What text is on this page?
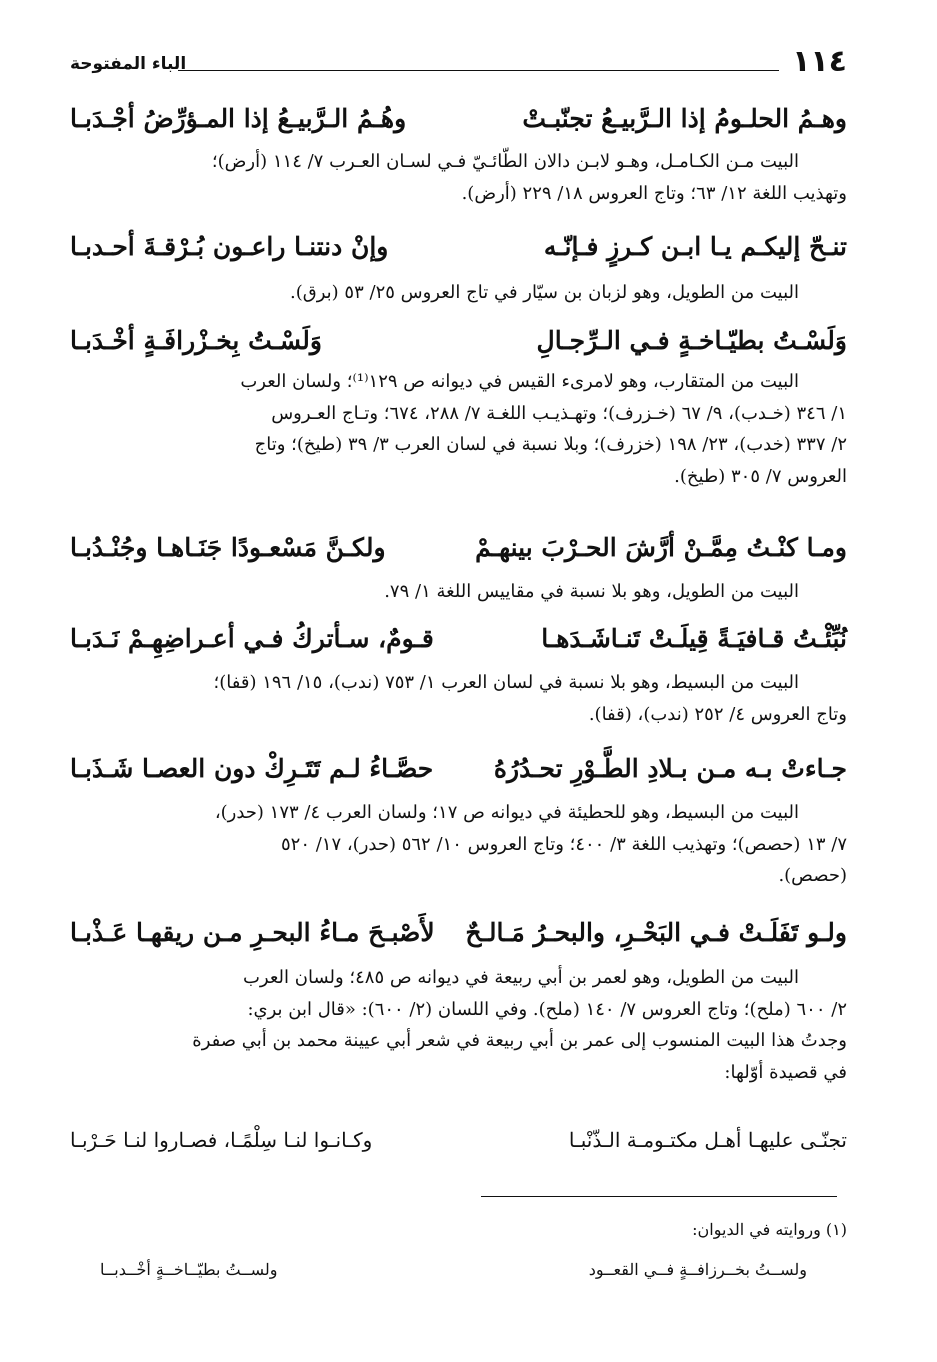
١١٤
الباء المفتوحة
وهـمُ الحلـومُ إذا الـرَّبيـعُ تجنّبـتْ
وهُـمُ الـرَّبيـعُ إذا المـؤرِّضُ أجْـدَبـا
البيت مـن الكـامـل، وهـو لابـن دالان الطّائـيّ فـي لسـان العـرب ٧/ ١١٤ (أرض)؛
وتهذيب اللغة ١٢/ ٦٣؛ وتاج العروس ١٨/ ٢٢٩ (أرض).
تنـحّ إليكـم يـا ابـن كـرزٍ فـإنّـه
وإنْ دنتنـا راعـون بُـرْقـةَ أحـدبـا
البيت من الطويل، وهو لزبان بن سيّار في تاج العروس ٢٥/ ٥٣ (برق).
وَلَسْـتُ بطيّـاخـةٍ فـي الـرِّجـالِ
وَلَسْـتُ بِخـزْرافَـةٍ أخْـدَبـا
البيت من المتقارب، وهو لامرىء القيس في ديوانه ص ١٢٩⁽¹⁾؛ ولسان العرب
١/ ٣٤٦ (خـدب)، ٩/ ٦٧ (خـزرف)؛ وتهـذيـب اللغـة ٧/ ٢٨٨، ٦٧٤؛ وتـاج العـروس
٢/ ٣٣٧ (خدب)، ٢٣/ ١٩٨ (خزرف)؛ وبلا نسبة في لسان العرب ٣/ ٣٩ (طيخ)؛ وتاج
العروس ٧/ ٣٠٥ (طيخ).
ومـا كنْـتُ مِمَّـنْ أرَّشَ الحـرْبَ بينهـمْ
ولكـنَّ مَسْعـودًا جَنَـاهـا وجُنْـدُبـا
البيت من الطويل، وهو بلا نسبة في مقاييس اللغة ١/ ٧٩.
نُبِّئْـتُ قـافيَـةً قِيلَـتْ تَنـاشَـدَهـا
قـومٌ، سـأتركُ فـي أعـراضِهِـمْ نَـدَبـا
البيت من البسيط، وهو بلا نسبة في لسان العرب ١/ ٧٥٣ (ندب)، ١٥/ ١٩٦ (قفا)؛
وتاج العروس ٤/ ٢٥٢ (ندب)، (قفا).
جـاءتْ بـه مـن بـلادِ الطَّـوْرِ تحـدُرُهُ
حصَّـاءُ لـم تَتَـرِكْ دون العصـا شَـذَبـا
البيت من البسيط، وهو للحطيئة في ديوانه ص ١٧؛ ولسان العرب ٤/ ١٧٣ (حدر)،
٧/ ١٣ (حصص)؛ وتهذيب اللغة ٣/ ٤٠٠؛ وتاج العروس ١٠/ ٥٦٢ (حدر)، ١٧/ ٥٢٠
(حصص).
ولـو تَفَلَـتْ فـي البَحْـرِ، والبحـرُ مَـالـحٌ
لأَصْبـحَ مـاءُ البحـرِ مـن ريقهـا عَـذْبـا
البيت من الطويل، وهو لعمر بن أبي ربيعة في ديوانه ص ٤٨٥؛ ولسان العرب
٢/ ٦٠٠ (ملح)؛ وتاج العروس ٧/ ١٤٠ (ملح). وفي اللسان (٢/ ٦٠٠): «قال ابن بري:
وجدتُ هذا البيت المنسوب إلى عمر بن أبي ربيعة في شعر أبي عيينة محمد بن أبي صفرة
في قصيدة أوّلها:
تجنّـى عليهـا أهـل مكتـومـة الـذّنْبـا
وكـانـوا لنـا سِلْمًـا، فصـاروا لنـا حَـرْبـا
(١) وروايته في الديوان:
ولســتُ بخــرزافــةٍ فــي القعــود
ولســتُ بطيّــاخــةٍ أخْــدبــا
